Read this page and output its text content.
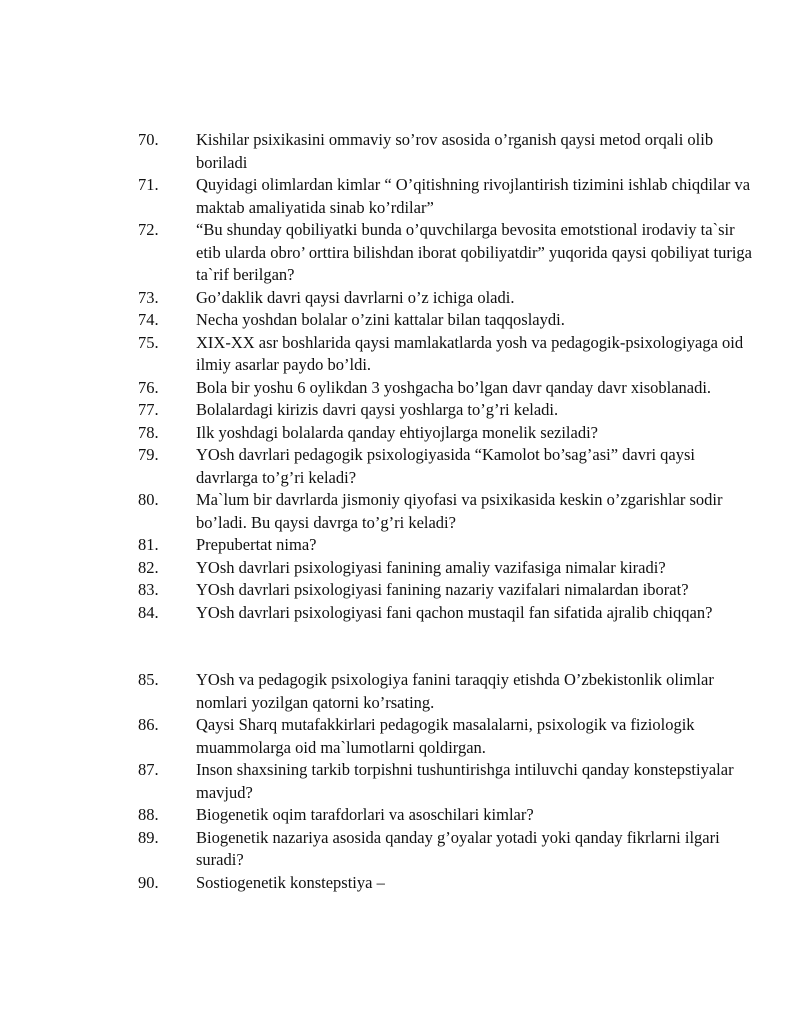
70.	Kishilar psixikasini ommaviy so’rov asosida o’rganish qaysi metod orqali olib boriladi
71.	Quyidagi olimlardan kimlar “ O’qitishning rivojlantirish tizimini ishlab chiqdilar va maktab amaliyatida sinab ko’rdilar”
72.	“Bu shunday qobiliyatki bunda o’quvchilarga bevosita emotstional irodaviy ta`sir etib ularda obro’ orttira bilishdan iborat qobiliyatdir” yuqorida qaysi qobiliyat turiga ta`rif berilgan?
73.	Go’daklik davri qaysi davrlarni o’z ichiga oladi.
74.	Necha yoshdan bolalar o’zini kattalar bilan taqqoslaydi.
75.	XIX-XX asr boshlarida qaysi mamlakatlarda yosh va pedagogik-psixologiyaga oid ilmiy asarlar paydo bo’ldi.
76.	Bola bir yoshu 6 oylikdan 3 yoshgacha bo’lgan davr qanday davr xisoblanadi.
77.	Bolalardagi kirizis davri qaysi yoshlarga to’g’ri keladi.
78.	Ilk yoshdagi bolalarda qanday ehtiyojlarga monelik seziladi?
79.	YOsh davrlari pedagogik psixologiyasida “Kamolot bo’sag’asi” davri qaysi davrlarga to’g’ri keladi?
80.	Ma`lum bir davrlarda jismoniy qiyofasi va psixikasida keskin o’zgarishlar sodir bo’ladi. Bu qaysi davrga to’g’ri keladi?
81.	Prepubertat nima?
82.	YOsh davrlari psixologiyasi fanining amaliy vazifasiga nimalar kiradi?
83.	YOsh davrlari psixologiyasi fanining nazariy vazifalari nimalardan iborat?
84.	YOsh davrlari psixologiyasi fani qachon mustaqil fan sifatida ajralib chiqqan?
85.	YOsh va pedagogik psixologiya fanini taraqqiy etishda O’zbekistonlik olimlar nomlari yozilgan qatorni ko’rsating.
86.	Qaysi Sharq mutafakkirlari pedagogik masalalarni, psixologik va fiziologik muammolarga oid ma`lumotlarni qoldirgan.
87.	Inson shaxsining tarkib torpishni tushuntirishga intiluvchi qanday konstepstiyalar mavjud?
88.	Biogenetik oqim tarafdorlari va asoschilari kimlar?
89.	Biogenetik nazariya asosida qanday g’oyalar yotadi yoki qanday fikrlarni ilgari suradi?
90.	Sostiogenetik konstepstiya –
